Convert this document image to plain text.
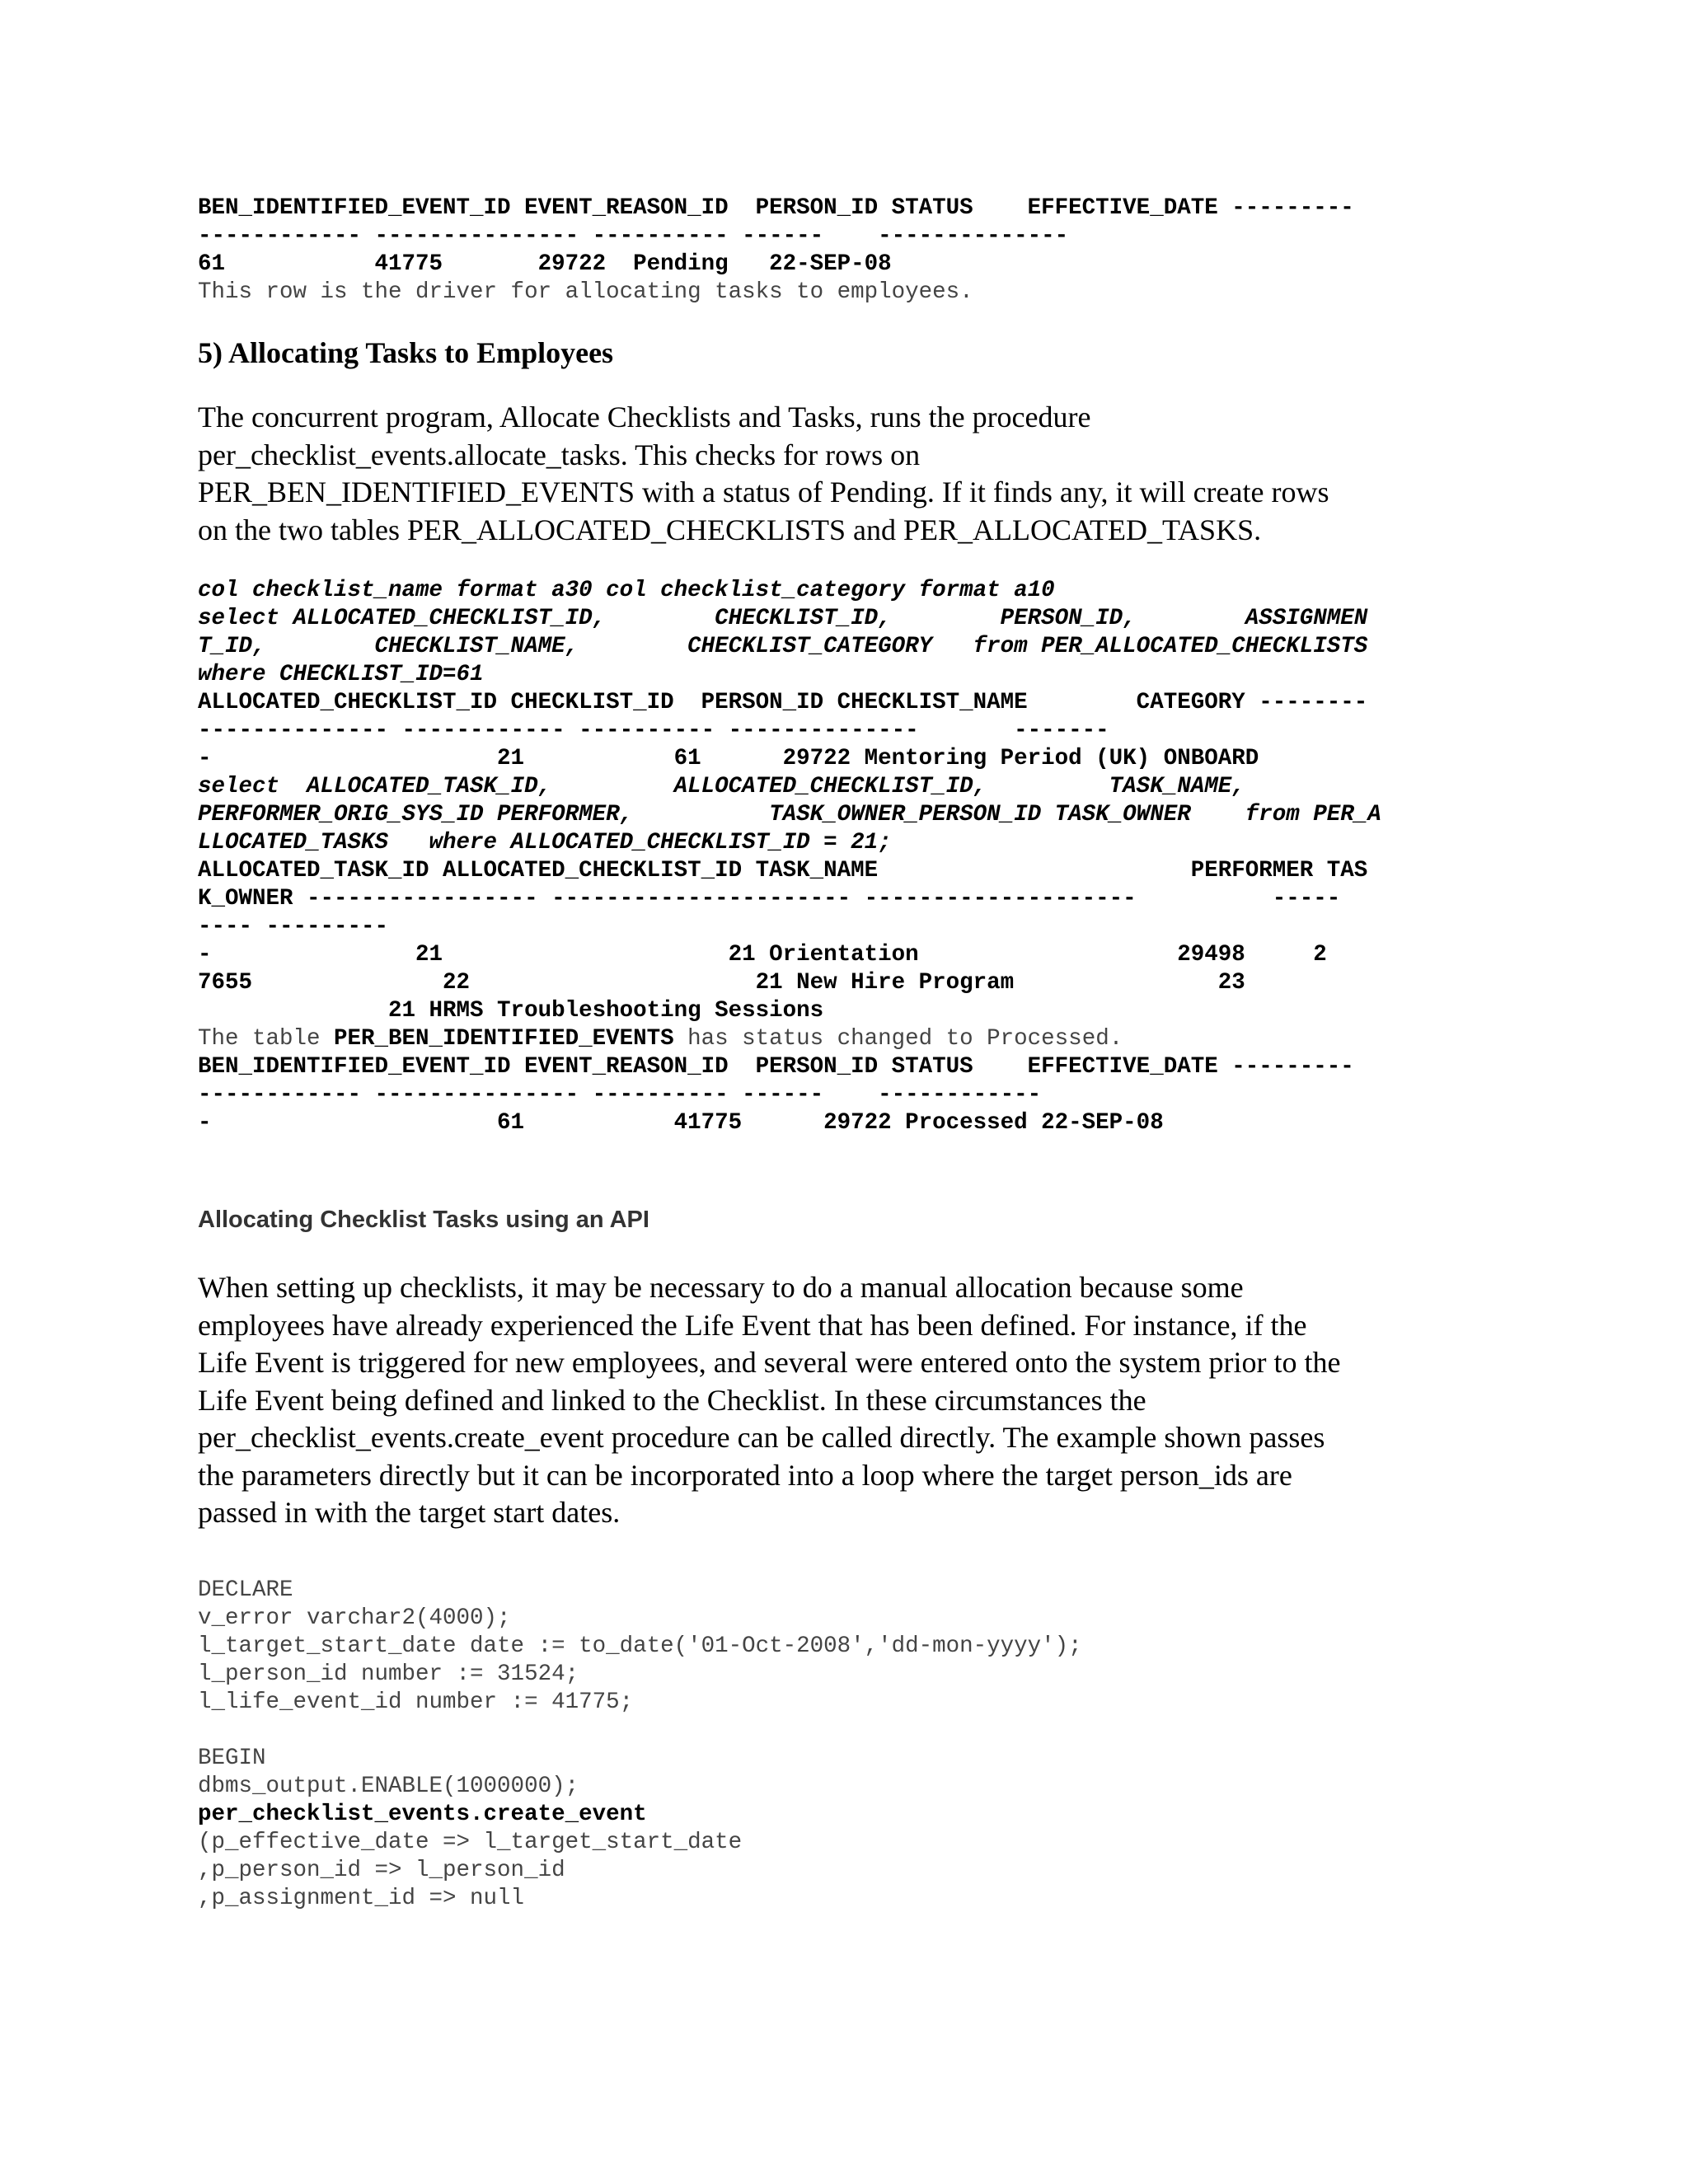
BEN_IDENTIFIED_EVENT_ID EVENT_REASON_ID  PERSON_ID STATUS    EFFECTIVE_DATE ---------
------------ --------------- ---------- ------    --------------
61           41775       29722  Pending   22-SEP-08
This row is the driver for allocating tasks to employees.
5) Allocating Tasks to Employees
The concurrent program, Allocate Checklists and Tasks, runs the procedure
per_checklist_events.allocate_tasks. This checks for rows on
PER_BEN_IDENTIFIED_EVENTS with a status of Pending. If it finds any, it will create rows
on the two tables PER_ALLOCATED_CHECKLISTS and PER_ALLOCATED_TASKS.
col checklist_name format a30 col checklist_category format a10
select ALLOCATED_CHECKLIST_ID,        CHECKLIST_ID,        PERSON_ID,        ASSIGNMEN
T_ID,        CHECKLIST_NAME,        CHECKLIST_CATEGORY   from PER_ALLOCATED_CHECKLISTS
where CHECKLIST_ID=61
ALLOCATED_CHECKLIST_ID CHECKLIST_ID  PERSON_ID CHECKLIST_NAME        CATEGORY --------
-------------- ------------ ---------- --------------       -------
-                     21           61      29722 Mentoring Period (UK) ONBOARD
select  ALLOCATED_TASK_ID,         ALLOCATED_CHECKLIST_ID,         TASK_NAME,
PERFORMER_ORIG_SYS_ID PERFORMER,          TASK_OWNER_PERSON_ID TASK_OWNER    from PER_A
LLOCATED_TASKS   where ALLOCATED_CHECKLIST_ID = 21;
ALLOCATED_TASK_ID ALLOCATED_CHECKLIST_ID TASK_NAME                       PERFORMER TAS
K_OWNER ----------------- ---------------------- --------------------          -----
---- ---------
-               21                     21 Orientation                   29498     2
7655              22                     21 New Hire Program               23
21 HRMS Troubleshooting Sessions
The table PER_BEN_IDENTIFIED_EVENTS has status changed to Processed.
BEN_IDENTIFIED_EVENT_ID EVENT_REASON_ID  PERSON_ID STATUS    EFFECTIVE_DATE ---------
------------ --------------- ---------- ------    ------------
-                     61           41775      29722 Processed 22-SEP-08
Allocating Checklist Tasks using an API
When setting up checklists, it may be necessary to do a manual allocation because some
employees have already experienced the Life Event that has been defined. For instance, if the
Life Event is triggered for new employees, and several were entered onto the system prior to the
Life Event being defined and linked to the Checklist. In these circumstances the
per_checklist_events.create_event procedure can be called directly. The example shown passes
the parameters directly but it can be incorporated into a loop where the target person_ids are
passed in with the target start dates.
DECLARE
v_error varchar2(4000);
l_target_start_date date := to_date('01-Oct-2008','dd-mon-yyyy');
l_person_id number := 31524;
l_life_event_id number := 41775;
BEGIN
dbms_output.ENABLE(1000000);
per_checklist_events.create_event
(p_effective_date => l_target_start_date
,p_person_id => l_person_id
,p_assignment_id => null
